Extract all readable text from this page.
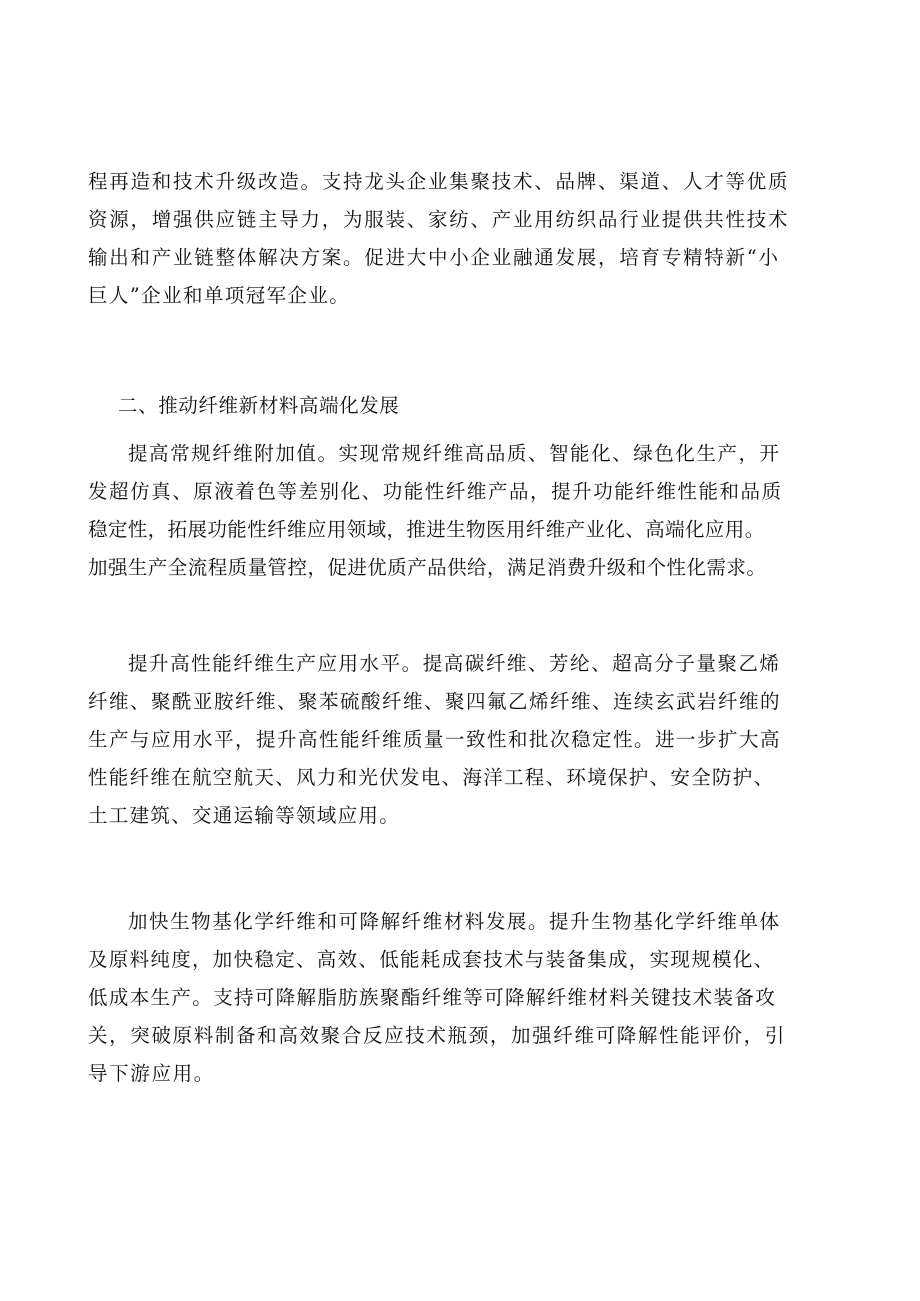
程再造和技术升级改造。支持龙头企业集聚技术、品牌、渠道、人才等优质
资源，增强供应链主导力，为服装、家纺、产业用纺织品行业提供共性技术
输出和产业链整体解决方案。促进大中小企业融通发展，培育专精特新“小
巨人”企业和单项冠军企业。
二、推动纤维新材料高端化发展
提高常规纤维附加值。实现常规纤维高品质、智能化、绿色化生产，开
发超仿真、原液着色等差别化、功能性纤维产品，提升功能纤维性能和品质
稳定性，拓展功能性纤维应用领域，推进生物医用纤维产业化、高端化应用。
加强生产全流程质量管控，促进优质产品供给，满足消费升级和个性化需求。
提升高性能纤维生产应用水平。提高碳纤维、芳纶、超高分子量聚乙烯
纤维、聚酰亚胺纤维、聚苯硫酸纤维、聚四氟乙烯纤维、连续玄武岩纤维的
生产与应用水平，提升高性能纤维质量一致性和批次稳定性。进一步扩大高
性能纤维在航空航天、风力和光伏发电、海洋工程、环境保护、安全防护、
土工建筑、交通运输等领域应用。
加快生物基化学纤维和可降解纤维材料发展。提升生物基化学纤维单体
及原料纯度，加快稳定、高效、低能耗成套技术与装备集成，实现规模化、
低成本生产。支持可降解脂肪族聚酯纤维等可降解纤维材料关键技术装备攻
关，突破原料制备和高效聚合反应技术瓶颈，加强纤维可降解性能评价，引
导下游应用。
